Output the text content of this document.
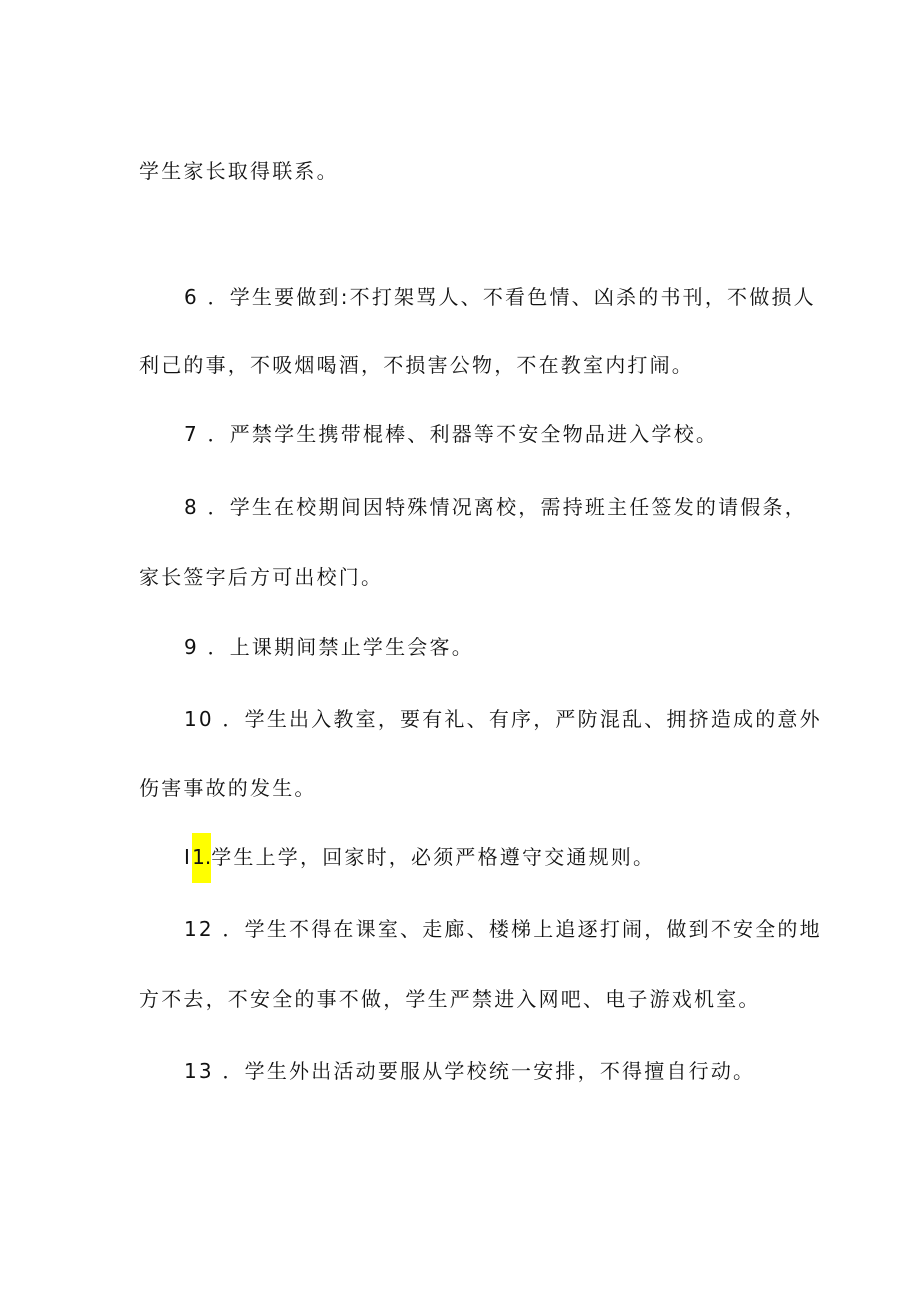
学生家长取得联系。
6 ．学生要做到:不打架骂人、不看色情、凶杀的书刊，不做损人
利己的事，不吸烟喝酒，不损害公物，不在教室内打闹。
7 ．严禁学生携带棍棒、利器等不安全物品进入学校。
8 ．学生在校期间因特殊情况离校，需持班主任签发的请假条，
家长签字后方可出校门。
9 ．上课期间禁止学生会客。
10 ．学生出入教室，要有礼、有序，严防混乱、拥挤造成的意外
伤害事故的发生。
I1.学生上学，回家时，必须严格遵守交通规则。
12 ．学生不得在课室、走廊、楼梯上追逐打闹，做到不安全的地
方不去，不安全的事不做，学生严禁进入网吧、电子游戏机室。
13 ．学生外出活动要服从学校统一安排，不得擅自行动。
